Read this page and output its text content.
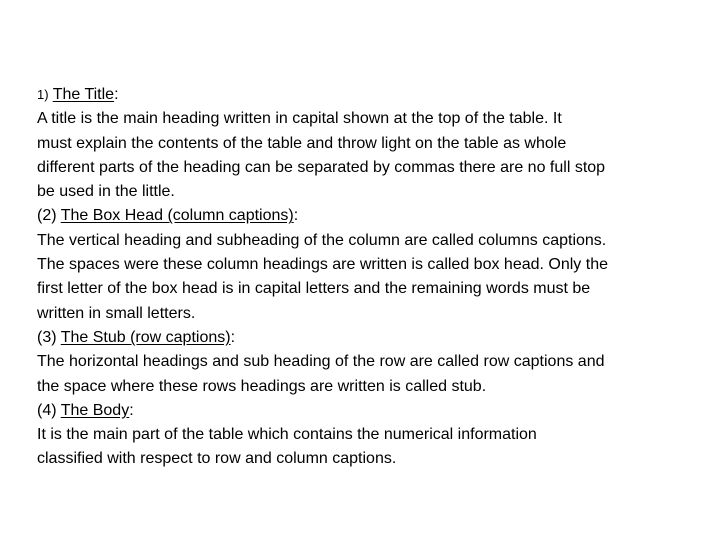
1) The Title:
A title is the main heading written in capital shown at the top of the table. It
must explain the contents of the table and throw light on the table as whole
different parts of the heading can be separated by commas there are no full stop
be used in the little.
(2) The Box Head (column captions):
The vertical heading and subheading of the column are called columns captions.
The spaces were these column headings are written is called box head. Only the
first letter of the box head is in capital letters and the remaining words must be
written in small letters.
(3) The Stub (row captions):
The horizontal headings and sub heading of the row are called row captions and
the space where these rows headings are written is called stub.
(4) The Body:
It is the main part of the table which contains the numerical information
classified with respect to row and column captions.
